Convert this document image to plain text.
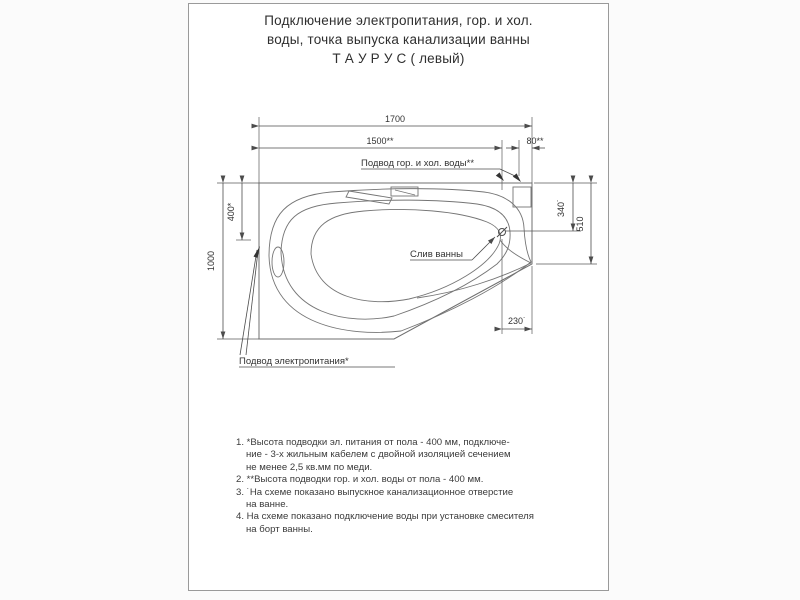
Подключение электропитания, гор. и хол.
воды, точка выпуска канализации ванны
Т А У Р У С ( левый)
1700
1500**	80**
1000
400*	340˙
510
230˙
Подвод гор. и хол. воды**
Слив ванны
Подвод электропитания*
1. *Высота подводки эл. питания от пола - 400 мм, подключе-
ние - 3-х жильным кабелем с двойной изоляцией сечением
не менее 2,5 кв.мм по меди.
2. **Высота подводки гор. и хол. воды от пола - 400 мм.
3. ˙На схеме показано выпускное канализационное отверстие
на ванне.
4. На схеме показано подключение воды при установке смесителя
на борт ванны.
